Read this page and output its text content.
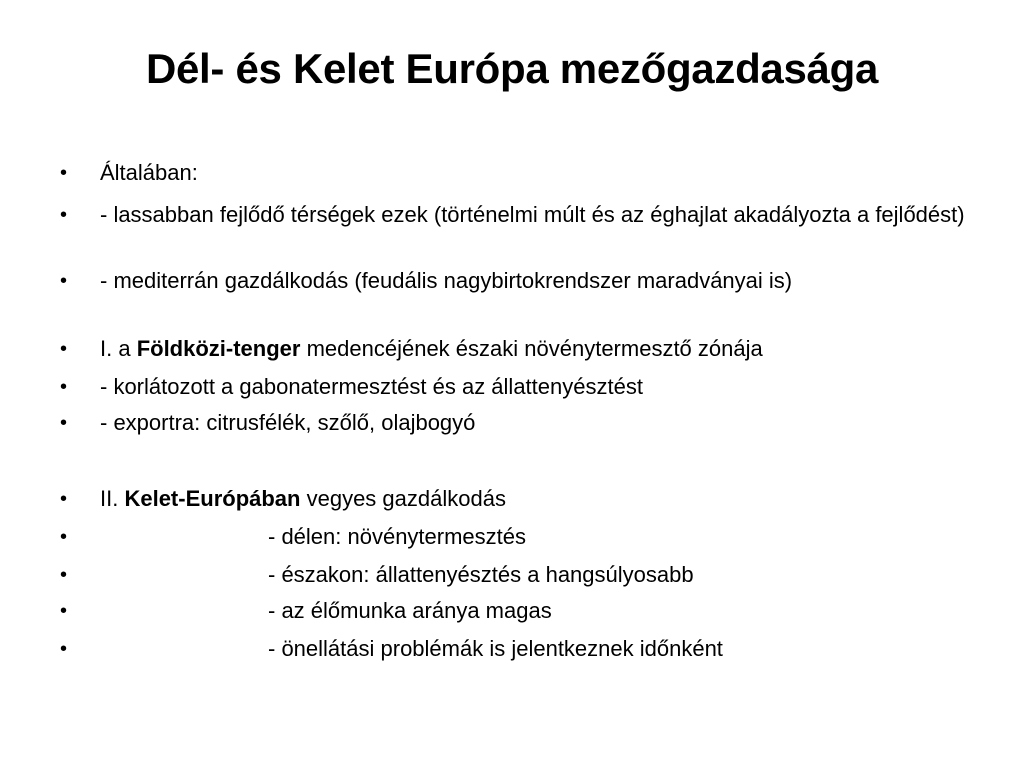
Dél- és Kelet Európa mezőgazdasága
•	Általában:
•	- lassabban fejlődő térségek ezek (történelmi múlt és az éghajlat akadályozta a fejlődést)
•	- mediterrán gazdálkodás (feudális nagybirtokrendszer maradványai is)
•	I. a Földközi-tenger medencéjének északi növénytermesztő zónája
•	- korlátozott a gabonatermesztést és az állattenyésztést
•	- exportra: citrusfélék, szőlő, olajbogyó
•	II. Kelet-Európában vegyes gazdálkodás
•	- délen: növénytermesztés
•	- északon: állattenyésztés a hangsúlyosabb
•	- az élőmunka aránya magas
•	- önellátási problémák is jelentkeznek időnként
